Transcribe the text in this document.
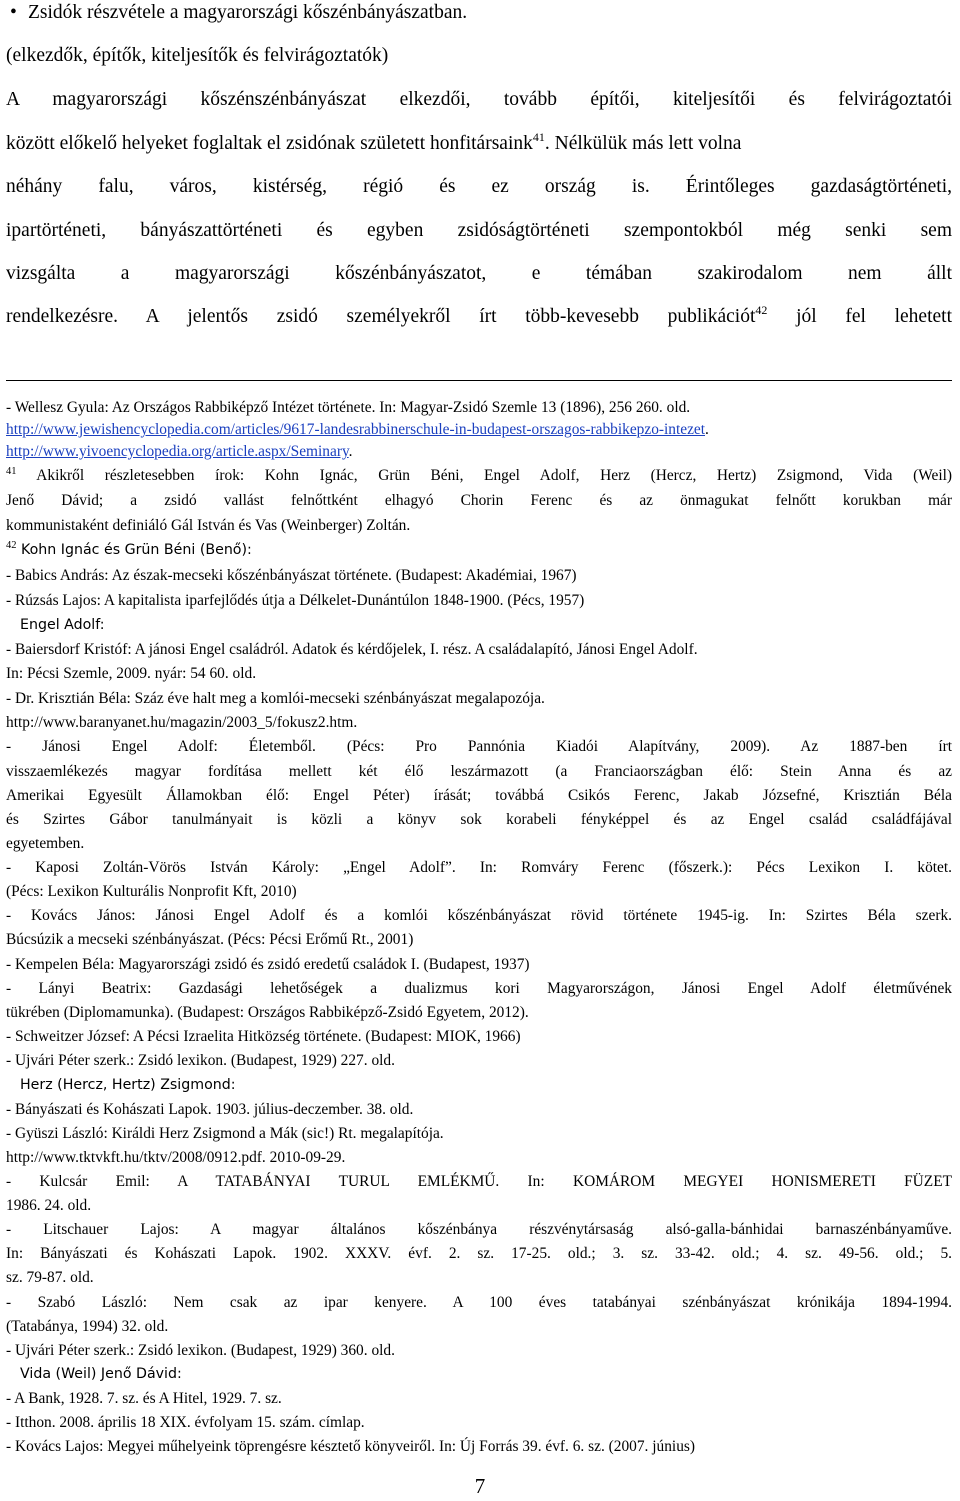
• Zsidók részvétele a magyarországi kőszénbányászatban.
(elkezdők, építők, kiteljesítők és felvirágoztatók)
A magyarországi kőszénszénbányászat elkezdői, tovább építői, kiteljesítői és felvirágoztatói
között előkelő helyeket foglaltak el zsidónak született honfitársaink$^{41}$. Nélkülük más lett volna
néhány falu, város, kistérség, régió és ez ország is. Érintőleges gazdaságtörténeti,
ipartörténeti, bányászattörténeti és egyben zsidóságtörténeti szempontokból még senki sem
vizsgálta a magyarországi kőszénbányászatot, e témában szakirodalom nem állt
rendelkezésre. A jelentős zsidó személyekről írt több-kevesebb publikációt$^{42}$ jól fel lehetett
- Wellesz Gyula: Az Országos Rabbiképző Intézet története. In: Magyar-Zsidó Szemle 13 (1896), 256 260. old.
http://www.jewishencyclopedia.com/articles/9617-landesrabbinerschule-in-budapest-orszagos-rabbikepzo-intezet.
http://www.yivoencyclopedia.org/article.aspx/Seminary.
$^{41}$ Akikről részletesebben írok: Kohn Ignác, Grün Béni, Engel Adolf, Herz (Hercz, Hertz) Zsigmond, Vida (Weil)
Jenő Dávid; a zsidó vallást felnőttként elhagyó Chorin Ferenc és az önmagukat felnőtt korukban már
kommunistaként definiáló Gál István és Vas (Weinberger) Zoltán.
$^{42}$ Kohn Ignác és Grün Béni (Benő):
- Babics András: Az észak-mecseki kőszénbányászat története. (Budapest: Akadémiai, 1967)
- Rúzsás Lajos: A kapitalista iparfejlődés útja a Délkelet-Dunántúlon 1848-1900. (Pécs, 1957)
Engel Adolf:
- Baiersdorf Kristóf: A jánosi Engel családról. Adatok és kérdőjelek, I. rész. A családalapító, Jánosi Engel Adolf.
In: Pécsi Szemle, 2009. nyár: 54 60. old.
- Dr. Krisztián Béla: Száz éve halt meg a komlói-mecseki szénbányászat megalapozója.
http://www.baranyanet.hu/magazin/2003_5/fokusz2.htm.
- Jánosi Engel Adolf: Életemből. (Pécs: Pro Pannónia Kiadói Alapítvány, 2009). Az 1887-ben írt
visszaemlékezés magyar fordítása mellett két élő leszármazott (a Franciaországban élő: Stein Anna és az
Amerikai Egyesült Államokban élő: Engel Péter) írását; továbbá Csikós Ferenc, Jakab Józsefné, Krisztián Béla
és Szirtes Gábor tanulmányait is közli a könyv sok korabeli fényképpel és az Engel család családfájával
egyetemben.
- Kaposi Zoltán-Vörös István Károly: „Engel Adolf”. In: Romváry Ferenc (főszerk.): Pécs Lexikon I. kötet.
(Pécs: Lexikon Kulturális Nonprofit Kft, 2010)
- Kovács János: Jánosi Engel Adolf és a komlói kőszénbányászat rövid története 1945-ig. In: Szirtes Béla szerk.
Búcsúzik a mecseki szénbányászat. (Pécs: Pécsi Erőmű Rt., 2001)
- Kempelen Béla: Magyarországi zsidó és zsidó eredetű családok I. (Budapest, 1937)
- Lányi Beatrix: Gazdasági lehetőségek a dualizmus kori Magyarországon, Jánosi Engel Adolf életművének
tükrében (Diplomamunka). (Budapest: Országos Rabbiképző-Zsidó Egyetem, 2012).
- Schweitzer József: A Pécsi Izraelita Hitközség története. (Budapest: MIOK, 1966)
- Ujvári Péter szerk.: Zsidó lexikon. (Budapest, 1929) 227. old.
Herz (Hercz, Hertz) Zsigmond:
- Bányászati és Kohászati Lapok. 1903. július-deczember. 38. old.
- Gyüszi László: Királdi Herz Zsigmond a Mák (sic!) Rt. megalapítója.
http://www.tktvkft.hu/tktv/2008/0912.pdf. 2010-09-29.
- Kulcsár Emil: A TATABÁNYAI TURUL EMLÉKMŰ. In: KOMÁROM MEGYEI HONISMERETI FÜZET
1986. 24. old.
- Litschauer Lajos: A magyar általános kőszénbánya részvénytársaság alsó-galla-bánhidai barnaszénbányaműve.
In: Bányászati és Kohászati Lapok. 1902. XXXV. évf. 2. sz. 17-25. old.; 3. sz. 33-42. old.; 4. sz. 49-56. old.; 5.
sz. 79-87. old.
- Szabó László: Nem csak az ipar kenyere. A 100 éves tatabányai szénbányászat krónikája 1894-1994.
(Tatabánya, 1994) 32. old.
- Ujvári Péter szerk.: Zsidó lexikon. (Budapest, 1929) 360. old.
Vida (Weil) Jenő Dávid:
- A Bank, 1928. 7. sz. és A Hitel, 1929. 7. sz.
- Itthon. 2008. április 18 XIX. évfolyam 15. szám. címlap.
- Kovács Lajos: Megyei műhelyeink töprengésre késztető könyveiről. In: Új Forrás 39. évf. 6. sz. (2007. június)
7
